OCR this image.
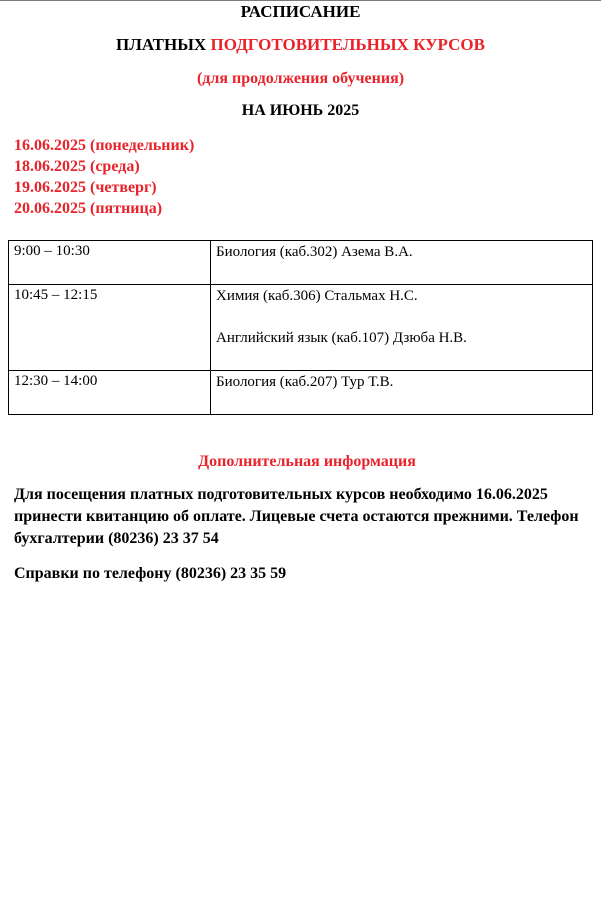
РАСПИСАНИЕ
ПЛАТНЫХ ПОДГОТОВИТЕЛЬНЫХ КУРСОВ
(для продолжения обучения)
НА ИЮНЬ 2025
16.06.2025 (понедельник)
18.06.2025 (среда)
19.06.2025 (четверг)
20.06.2025 (пятница)
9:00 – 10:30	Биология (каб.302) Азема В.А.

10:45 – 12:15	Химия (каб.306) Стальмах Н.С.
Английский язык (каб.107) Дзюба Н.В.

12:30 – 14:00	Биология (каб.207) Тур Т.В.
Дополнительная информация

Для посещения платных подготовительных курсов необходимо 16.06.2025 принести квитанцию об оплате. Лицевые счета остаются прежними. Телефон бухгалтерии (80236) 23 37 54

Справки по телефону (80236) 23 35 59
